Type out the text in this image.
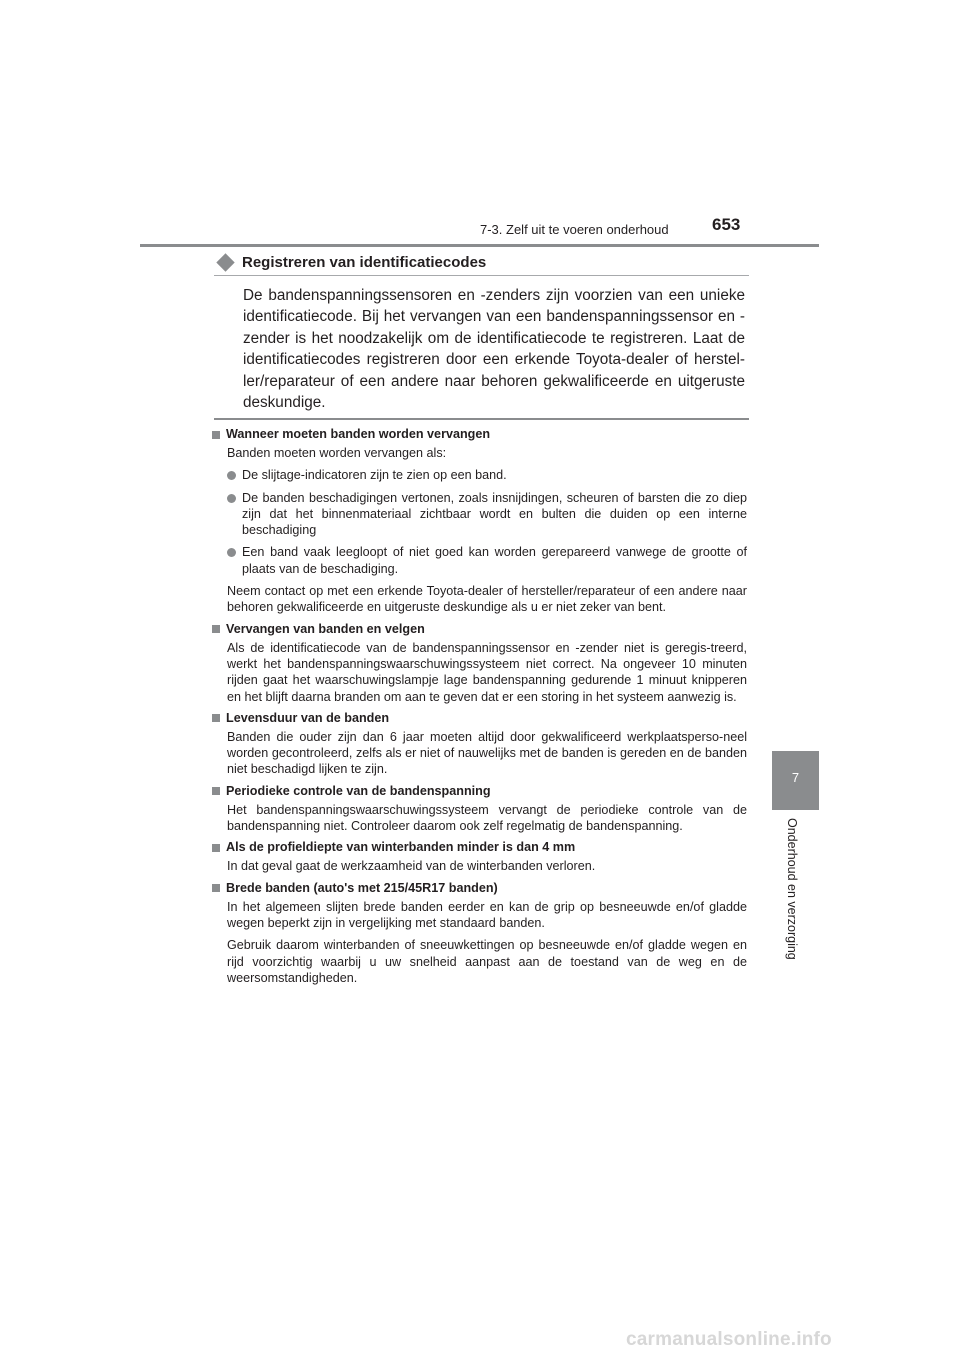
7-3. Zelf uit te voeren onderhoud	653
7
Onderhoud en verzorging
Registreren van identificatiecodes

De bandenspanningssensoren en -zenders zijn voorzien van een unieke identificatiecode. Bij het vervangen van een bandenspanningssensor en -zender is het noodzakelijk om de identificatiecode te registreren. Laat de identificatiecodes registreren door een erkende Toyota-dealer of herstel-ler/reparateur of een andere naar behoren gekwalificeerde en uitgeruste deskundige.

Wanneer moeten banden worden vervangen

Banden moeten worden vervangen als:

De slijtage-indicatoren zijn te zien op een band.
De banden beschadigingen vertonen, zoals insnijdingen, scheuren of barsten die zo diep zijn dat het binnenmateriaal zichtbaar wordt en bulten die duiden op een interne beschadiging
Een band vaak leegloopt of niet goed kan worden gerepareerd vanwege de grootte of plaats van de beschadiging.

Neem contact op met een erkende Toyota-dealer of hersteller/reparateur of een andere naar behoren gekwalificeerde en uitgeruste deskundige als u er niet zeker van bent.

Vervangen van banden en velgen

Als de identificatiecode van de bandenspanningssensor en -zender niet is geregis-treerd, werkt het bandenspanningswaarschuwingssysteem niet correct. Na ongeveer 10 minuten rijden gaat het waarschuwingslampje lage bandenspanning gedurende 1 minuut knipperen en het blijft daarna branden om aan te geven dat er een storing in het systeem aanwezig is.

Levensduur van de banden

Banden die ouder zijn dan 6 jaar moeten altijd door gekwalificeerd werkplaatsperso-neel worden gecontroleerd, zelfs als er niet of nauwelijks met de banden is gereden en de banden niet beschadigd lijken te zijn.

Periodieke controle van de bandenspanning

Het bandenspanningswaarschuwingssysteem vervangt de periodieke controle van de bandenspanning niet. Controleer daarom ook zelf regelmatig de bandenspanning.

Als de profieldiepte van winterbanden minder is dan 4 mm

In dat geval gaat de werkzaamheid van de winterbanden verloren.

Brede banden (auto's met 215/45R17 banden)

In het algemeen slijten brede banden eerder en kan de grip op besneeuwde en/of gladde wegen beperkt zijn in vergelijking met standaard banden.

Gebruik daarom winterbanden of sneeuwkettingen op besneeuwde en/of gladde wegen en rijd voorzichtig waarbij u uw snelheid aanpast aan de toestand van de weg en de weersomstandigheden.

carmanualsonline.info
